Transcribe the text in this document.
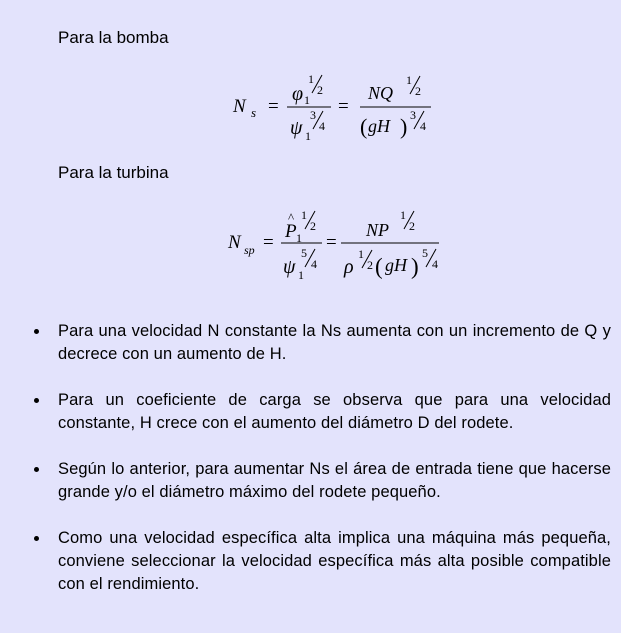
Para la bomba
N s =
φ 1
1
2
ψ 1
3
4
=
NQ
1
2
( gH ) 3
4
Para la turbina
N sp =
^
P 1
1
2
ψ 1
5
4
=
NP
1
2
ρ
1
2 ( gH )
5
4
Para una velocidad N constante la Ns aumenta con un incremento de Q y decrece con un aumento de H.
Para un coeficiente de carga se observa que para una velocidad constante, H crece con el aumento del diámetro D del rodete.
Según lo anterior, para aumentar Ns el área de entrada tiene que hacerse grande y/o el diámetro máximo del rodete pequeño.
Como una velocidad específica alta implica una máquina más pequeña, conviene seleccionar la velocidad específica más alta posible compatible con el rendimiento.
